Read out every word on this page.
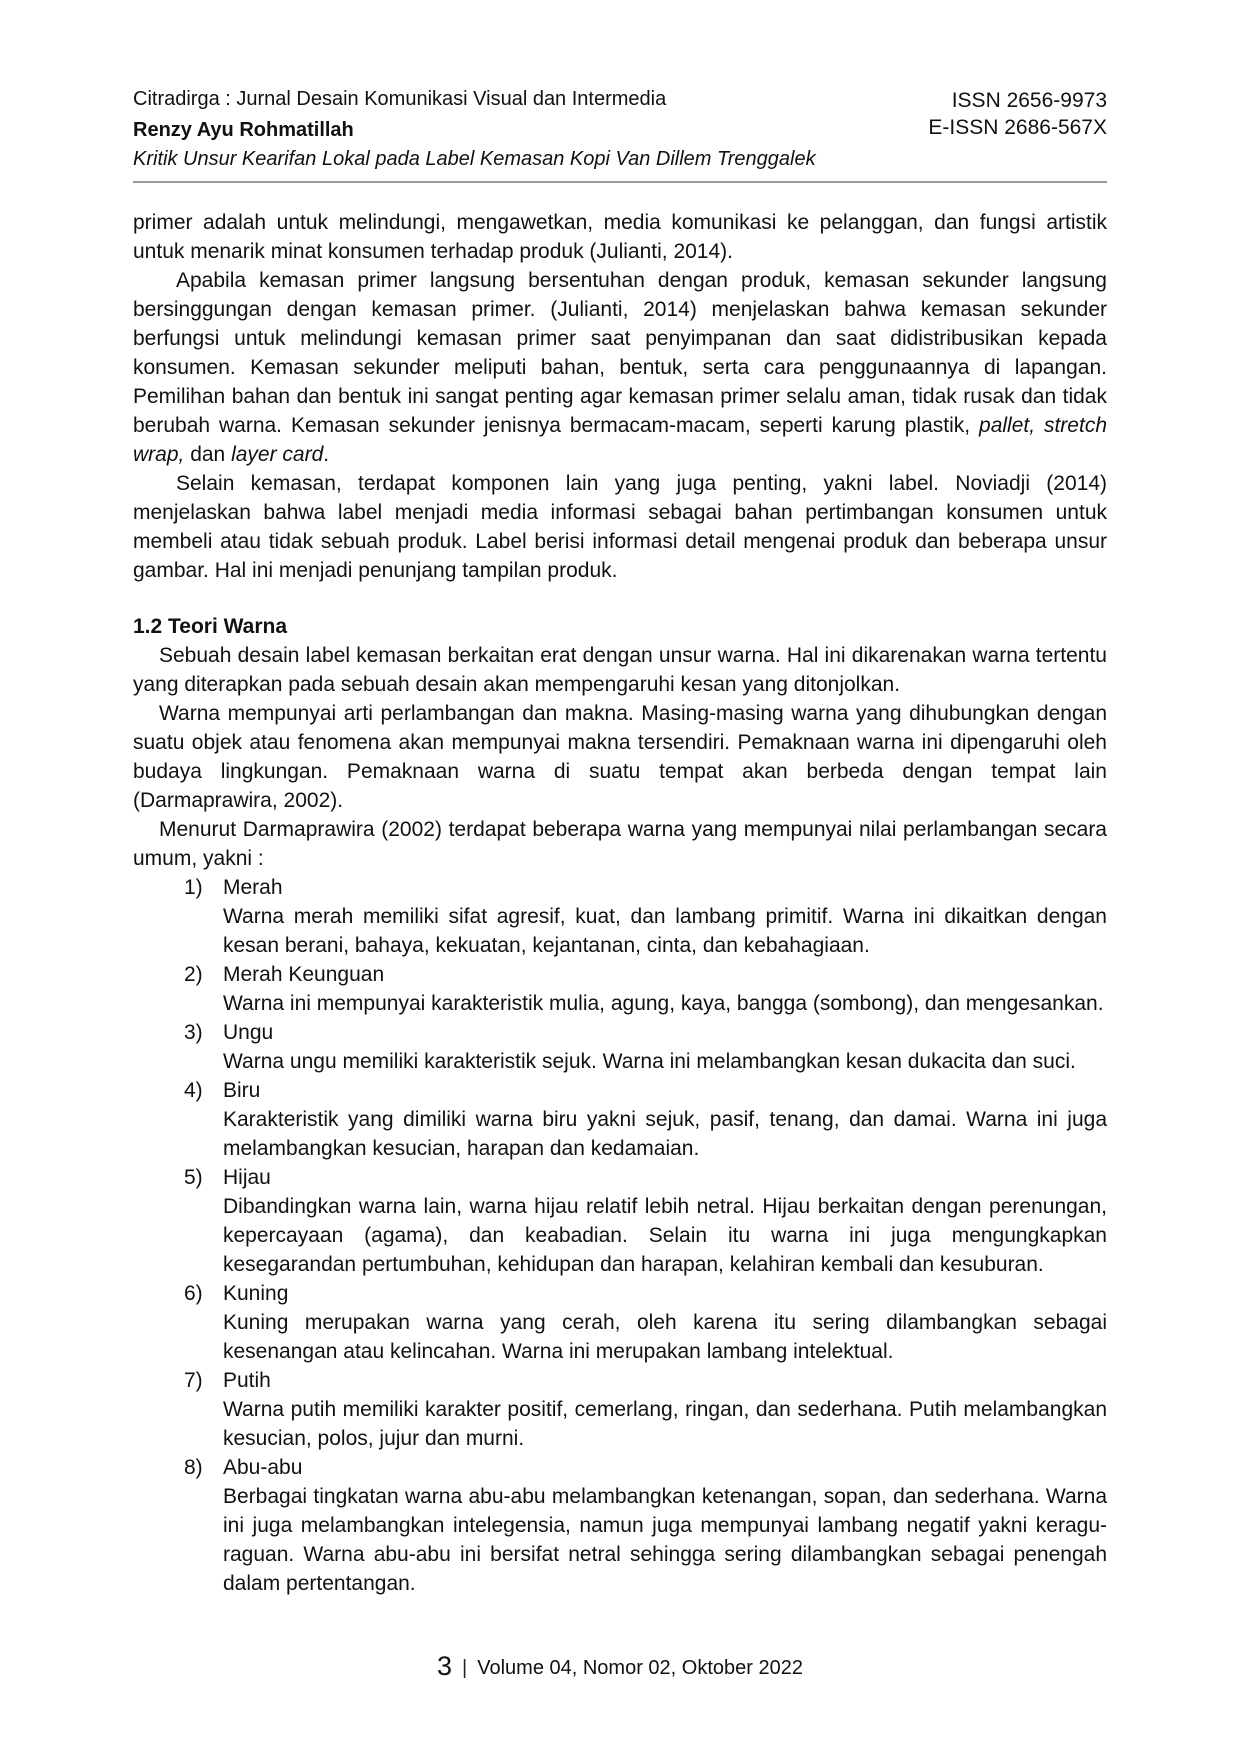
Citradirga : Jurnal Desain Komunikasi Visual dan Intermedia
Renzy Ayu Rohmatillah
Kritik Unsur Kearifan Lokal pada Label Kemasan Kopi Van Dillem Trenggalek
ISSN 2656-9973
E-ISSN 2686-567X

primer adalah untuk melindungi, mengawetkan, media komunikasi ke pelanggan, dan fungsi artistik untuk menarik minat konsumen terhadap produk (Julianti, 2014).

Apabila kemasan primer langsung bersentuhan dengan produk, kemasan sekunder langsung bersinggungan dengan kemasan primer. (Julianti, 2014) menjelaskan bahwa kemasan sekunder berfungsi untuk melindungi kemasan primer saat penyimpanan dan saat didistribusikan kepada konsumen. Kemasan sekunder meliputi bahan, bentuk, serta cara penggunaannya di lapangan. Pemilihan bahan dan bentuk ini sangat penting agar kemasan primer selalu aman, tidak rusak dan tidak berubah warna. Kemasan sekunder jenisnya bermacam-macam, seperti karung plastik, pallet, stretch wrap, dan layer card.

Selain kemasan, terdapat komponen lain yang juga penting, yakni label. Noviadji (2014) menjelaskan bahwa label menjadi media informasi sebagai bahan pertimbangan konsumen untuk membeli atau tidak sebuah produk. Label berisi informasi detail mengenai produk dan beberapa unsur gambar. Hal ini menjadi penunjang tampilan produk.

1.2 Teori Warna

Sebuah desain label kemasan berkaitan erat dengan unsur warna. Hal ini dikarenakan warna tertentu yang diterapkan pada sebuah desain akan mempengaruhi kesan yang ditonjolkan.

Warna mempunyai arti perlambangan dan makna. Masing-masing warna yang dihubungkan dengan suatu objek atau fenomena akan mempunyai makna tersendiri. Pemaknaan warna ini dipengaruhi oleh budaya lingkungan. Pemaknaan warna di suatu tempat akan berbeda dengan tempat lain (Darmaprawira, 2002).

Menurut Darmaprawira (2002) terdapat beberapa warna yang mempunyai nilai perlambangan secara umum, yakni :

1) Merah

Warna merah memiliki sifat agresif, kuat, dan lambang primitif. Warna ini dikaitkan dengan kesan berani, bahaya, kekuatan, kejantanan, cinta, dan kebahagiaan.

2) Merah Keunguan

Warna ini mempunyai karakteristik mulia, agung, kaya, bangga (sombong), dan mengesankan.

3) Ungu

Warna ungu memiliki karakteristik sejuk. Warna ini melambangkan kesan dukacita dan suci.

4) Biru

Karakteristik yang dimiliki warna biru yakni sejuk, pasif, tenang, dan damai. Warna ini juga melambangkan kesucian, harapan dan kedamaian.

5) Hijau

Dibandingkan warna lain, warna hijau relatif lebih netral. Hijau berkaitan dengan perenungan, kepercayaan (agama), dan keabadian. Selain itu warna ini juga mengungkapkan kesegarandan pertumbuhan, kehidupan dan harapan, kelahiran kembali dan kesuburan.

6) Kuning

Kuning merupakan warna yang cerah, oleh karena itu sering dilambangkan sebagai kesenangan atau kelincahan. Warna ini merupakan lambang intelektual.

7) Putih

Warna putih memiliki karakter positif, cemerlang, ringan, dan sederhana. Putih melambangkan kesucian, polos, jujur dan murni.

8) Abu-abu

Berbagai tingkatan warna abu-abu melambangkan ketenangan, sopan, dan sederhana. Warna ini juga melambangkan intelegensia, namun juga mempunyai lambang negatif yakni keragu-raguan. Warna abu-abu ini bersifat netral sehingga sering dilambangkan sebagai penengah dalam pertentangan.

3 | Volume 04, Nomor 02, Oktober 2022
